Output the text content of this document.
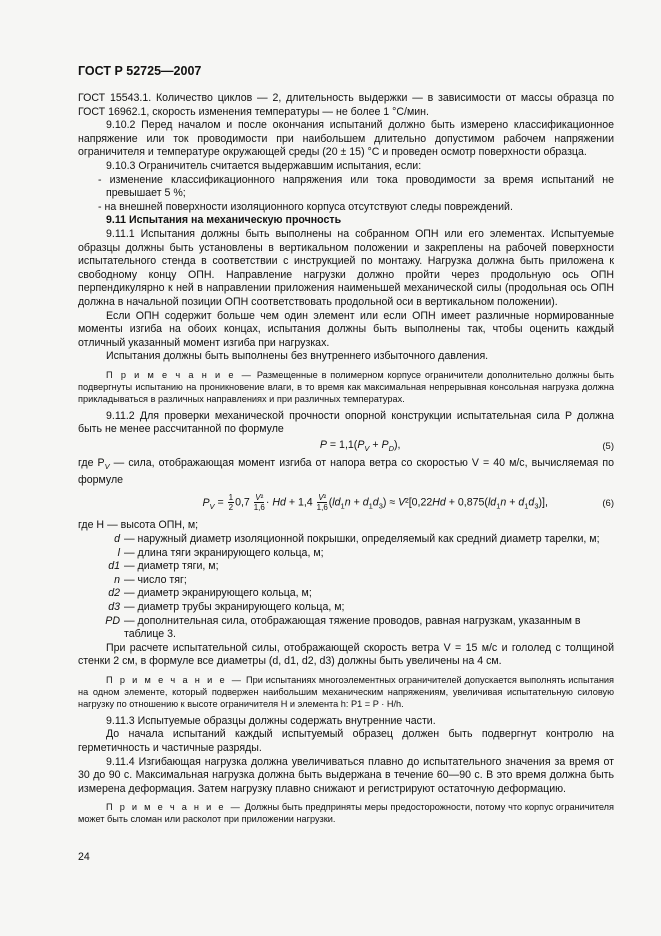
ГОСТ Р 52725—2007

ГОСТ 15543.1. Количество циклов — 2, длительность выдержки — в зависимости от массы образца по ГОСТ 16962.1, скорость изменения температуры — не более 1 °С/мин.

9.10.2 Перед началом и после окончания испытаний должно быть измерено классификационное напряжение или ток проводимости при наибольшем длительно допустимом рабочем напряжении ограничителя и температуре окружающей среды (20 ± 15) °С и проведен осмотр поверхности образца.

9.10.3 Ограничитель считается выдержавшим испытания, если:

- изменение классификационного напряжения или тока проводимости за время испытаний не превышает 5 %;

- на внешней поверхности изоляционного корпуса отсутствуют следы повреждений.

9.11 Испытания на механическую прочность

9.11.1 Испытания должны быть выполнены на собранном ОПН или его элементах. Испытуемые образцы должны быть установлены в вертикальном положении и закреплены на рабочей поверхности испытательного стенда в соответствии с инструкцией по монтажу. Нагрузка должна быть приложена к свободному концу ОПН. Направление нагрузки должно пройти через продольную ось ОПН перпендикулярно к ней в направлении приложения наименьшей механической силы (продольная ось ОПН должна в начальной позиции ОПН соответствовать продольной оси в вертикальном положении).

Если ОПН содержит больше чем один элемент или если ОПН имеет различные нормированные моменты изгиба на обоих концах, испытания должны быть выполнены так, чтобы оценить каждый отличный указанный момент изгиба при нагрузках.

Испытания должны быть выполнены без внутреннего избыточного давления.

П р и м е ч а н и е — Размещенные в полимерном корпусе ограничители дополнительно должны быть подвергнуты испытанию на проникновение влаги, в то время как максимальная непрерывная консольная нагрузка должна прикладываться в различных направлениях и при различных температурах.

9.11.2 Для проверки механической прочности опорной конструкции испытательная сила P должна быть не менее рассчитанной по формуле

$P = 1,1(P_V + P_D)$,	(5)

где $P_V$ — сила, отображающая момент изгиба от напора ветра со скоростью V = 40 м/с, вычисляемая по формуле

$P_V = \frac{1}{2} 0,7 \frac{\text{V²}}{1,6} \cdot Hd + 1,4 \frac{\text{V²}}{1,6} (ld_1n + d_1d_3) \approx V^2[0,22Hd + 0,875(ld_1n + d_1d_3)]$,	(6)
где H — высота ОПН, м;
d — наружный диаметр изоляционной покрышки, определяемый как средний диаметр тарелки, м;
l — длина тяги экранирующего кольца, м;
d1 — диаметр тяги, м;
n — число тяг;
d2 — диаметр экранирующего кольца, м;
d3 — диаметр трубы экранирующего кольца, м;
PD — дополнительная сила, отображающая тяжение проводов, равная нагрузкам, указанным в таблице 3.

При расчете испытательной силы, отображающей скорость ветра V = 15 м/с и гололед с толщиной стенки 2 см, в формуле все диаметры (d, d1, d2, d3) должны быть увеличены на 4 см.

П р и м е ч а н и е — При испытаниях многоэлементных ограничителей допускается выполнять испытания на одном элементе, который подвержен наибольшим механическим напряжениям, увеличивая испытательную силовую нагрузку по отношению к высоте ограничителя H и элемента h: P1 = P · H/h.

9.11.3 Испытуемые образцы должны содержать внутренние части.

До начала испытаний каждый испытуемый образец должен быть подвергнут контролю на герметичность и частичные разряды.

9.11.4 Изгибающая нагрузка должна увеличиваться плавно до испытательного значения за время от 30 до 90 с. Максимальная нагрузка должна быть выдержана в течение 60—90 с. В это время должна быть измерена деформация. Затем нагрузку плавно снижают и регистрируют остаточную деформацию.

П р и м е ч а н и е — Должны быть предприняты меры предосторожности, потому что корпус ограничителя может быть сломан или расколот при приложении нагрузки.

24
